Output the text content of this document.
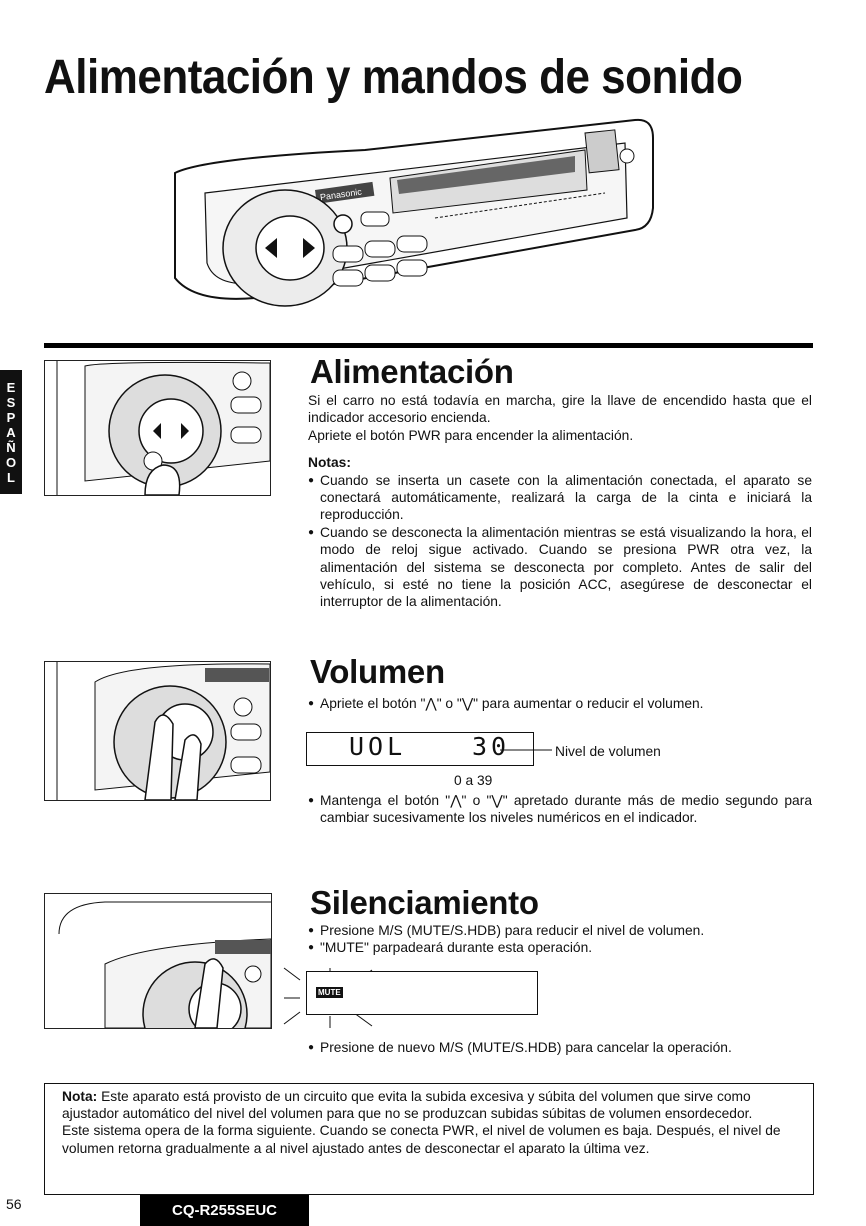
Alimentación y mandos de sonido
Panasonic
E
S
P
A
Ñ
O
L
Alimentación

Si el carro no está todavía en marcha, gire la llave de encendido hasta que el indicador accesorio encienda.

Apriete el botón PWR para encender la alimentación.

Notas:

● Cuando se inserta un casete con la alimentación conectada, el aparato se conectará automáticamente, realizará la carga de la cinta e iniciará la reproducción.
● Cuando se desconecta la alimentación mientras se está visualizando la hora, el modo de reloj sigue activado. Cuando se presiona PWR otra vez, la alimentación del sistema se desconecta por completo. Antes de salir del vehículo, si esté no tiene la posición ACC, asegúrese de desconectar el interruptor de la alimentación.
Volumen
● Apriete el botón "⋀" o "⋁" para aumentar o reducir el volumen.
UOL	30	Nivel de volumen
0 a 39
● Mantenga el botón "⋀" o "⋁" apretado durante más de medio segundo para cambiar sucesivamente los niveles numéricos en el indicador.
Silenciamiento
● Presione M/S (MUTE/S.HDB) para reducir el nivel de volumen.
● "MUTE" parpadeará durante esta operación.
MUTE
● Presione de nuevo M/S (MUTE/S.HDB) para cancelar la operación.

Nota: Este aparato está provisto de un circuito que evita la subida excesiva y súbita del volumen que sirve como ajustador automático del nivel del volumen para que no se produzcan subidas súbitas de volumen ensordecedor.

Este sistema opera de la forma siguiente. Cuando se conecta PWR, el nivel de volumen es baja. Después, el nivel de volumen retorna gradualmente a al nivel ajustado antes de desconectar el aparato la última vez.

56	CQ-R255SEUC
